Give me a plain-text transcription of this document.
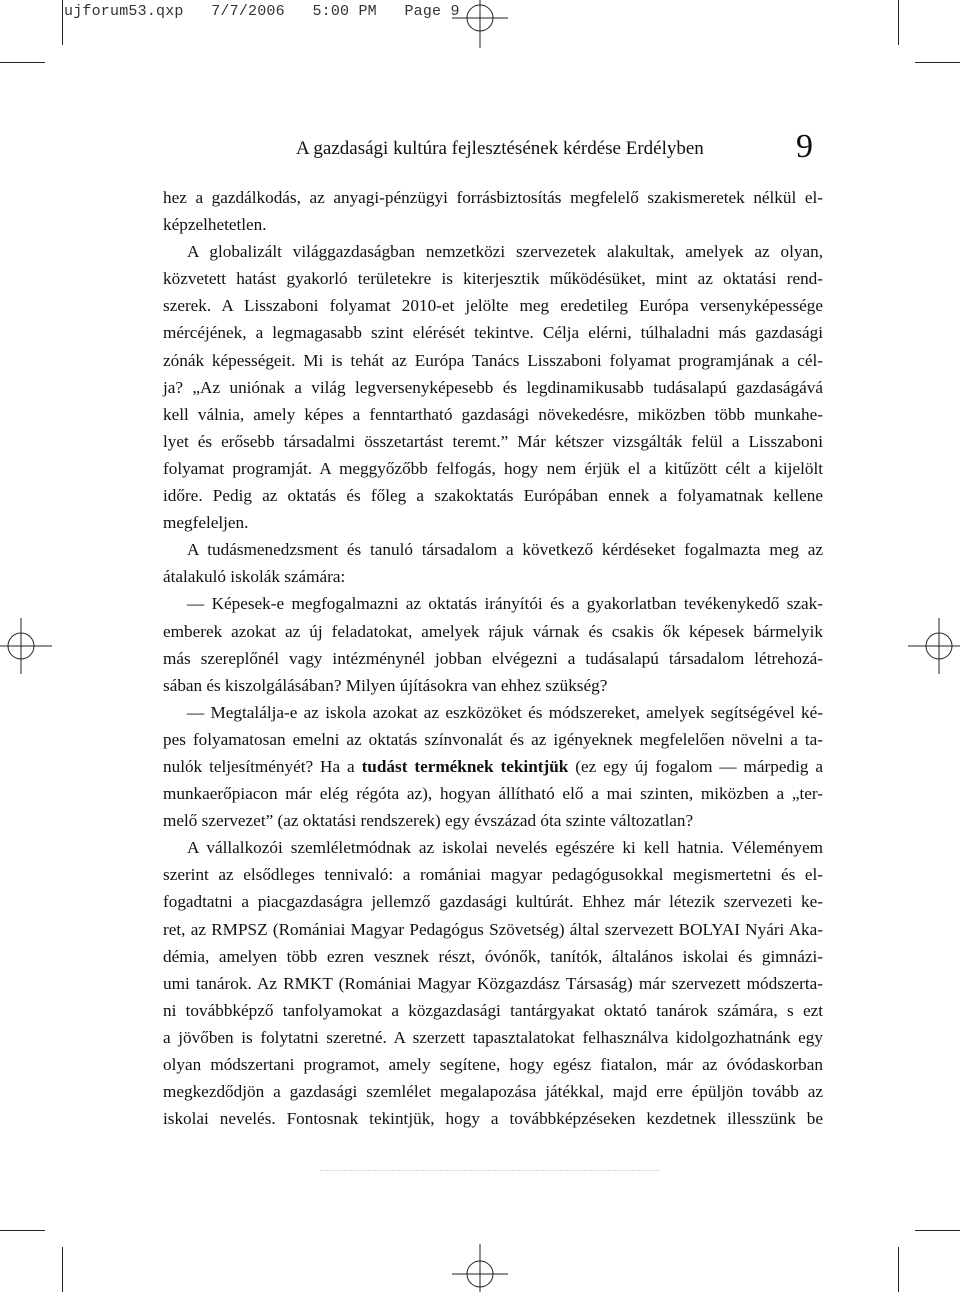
ujforum53.qxp   7/7/2006   5:00 PM   Page 9
A gazdasági kultúra fejlesztésének kérdése Erdélyben	9
hez a gazdálkodás, az anyagi-pénzügyi forrásbiztosítás megfelelő szakismeretek nélkül el-
képzelhetetlen.
A globalizált világgazdaságban nemzetközi szervezetek alakultak, amelyek az olyan,
közvetett hatást gyakorló területekre is kiterjesztik működésüket, mint az oktatási rend-
szerek. A Lisszaboni folyamat 2010-et jelölte meg eredetileg Európa versenyképessége
mércéjének, a legmagasabb szint elérését tekintve. Célja elérni, túlhaladni más gazdasági
zónák képességeit. Mi is tehát az Európa Tanács Lisszaboni folyamat programjának a cél-
ja? „Az uniónak a világ legversenyképesebb és legdinamikusabb tudásalapú gazdaságává
kell válnia, amely képes a fenntartható gazdasági növekedésre, miközben több munkahe-
lyet és erősebb társadalmi összetartást teremt.” Már kétszer vizsgálták felül a Lisszaboni
folyamat programját. A meggyőzőbb felfogás, hogy nem érjük el a kitűzött célt a kijelölt
időre. Pedig az oktatás és főleg a szakoktatás Európában ennek a folyamatnak kellene
megfeleljen.
A tudásmenedzsment és tanuló társadalom a következő kérdéseket fogalmazta meg az
átalakuló iskolák számára:
— Képesek-e megfogalmazni az oktatás irányítói és a gyakorlatban tevékenykedő szak-
emberek azokat az új feladatokat, amelyek rájuk várnak és csakis ők képesek bármelyik
más szereplőnél vagy intézménynél jobban elvégezni a tudásalapú társadalom létrehozá-
sában és kiszolgálásában? Milyen újításokra van ehhez szükség?
— Megtalálja-e az iskola azokat az eszközöket és módszereket, amelyek segítségével ké-
pes folyamatosan emelni az oktatás színvonalát és az igényeknek megfelelően növelni a ta-
nulók teljesítményét? Ha a tudást terméknek tekintjük (ez egy új fogalom — márpedig a
munkaerőpiacon már elég régóta az), hogyan állítható elő a mai szinten, miközben a „ter-
melő szervezet” (az oktatási rendszerek) egy évszázad óta szinte változatlan?
A vállalkozói szemléletmódnak az iskolai nevelés egészére ki kell hatnia. Véleményem
szerint az elsődleges tennivaló: a romániai magyar pedagógusokkal megismertetni és el-
fogadtatni a piacgazdaságra jellemző gazdasági kultúrát. Ehhez már létezik szervezeti ke-
ret, az RMPSZ (Romániai Magyar Pedagógus Szövetség) által szervezett BOLYAI Nyári Aka-
démia, amelyen több ezren vesznek részt, óvónők, tanítók, általános iskolai és gimnázi-
umi tanárok. Az RMKT (Romániai Magyar Közgazdász Társaság) már szervezett módszerta-
ni továbbképző tanfolyamokat a közgazdasági tantárgyakat oktató tanárok számára, s ezt
a jövőben is folytatni szeretné. A szerzett tapasztalatokat felhasználva kidolgozhatnánk egy
olyan módszertani programot, amely segítene, hogy egész fiatalon, már az óvódaskorban
megkezdődjön a gazdasági szemlélet megalapozása játékkal, majd erre épüljön tovább az
iskolai nevelés. Fontosnak tekintjük, hogy a továbbképzéseken kezdetnek illesszünk be
